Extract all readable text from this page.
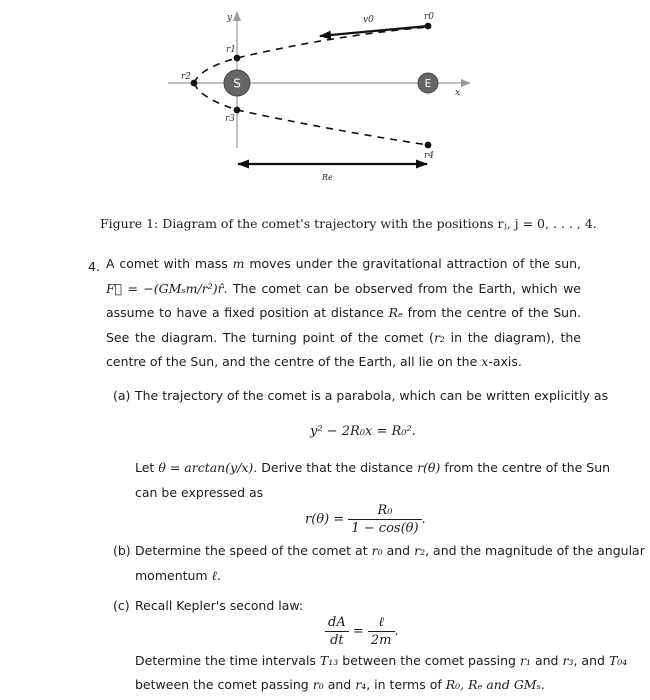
y
x
S	E
v0	r0
r1
r2
r3
r4
Re
Figure 1: Diagram of the comet's trajectory with the positions rⱼ, j = 0, . . . , 4.
4. A comet with mass m moves under the gravitational attraction of the sun, F⃗ = −(GMₛm/r²)r̂. The comet can be observed from the Earth, which we assume to have a fixed position at distance Rₑ from the centre of the Sun. See the diagram. The turning point of the comet (r₂ in the diagram), the centre of the Sun, and the centre of the Earth, all lie on the x-axis.
(a) The trajectory of the comet is a parabola, which can be written explicitly as
y² − 2R₀x = R₀².
Let θ = arctan(y/x). Derive that the distance r(θ) from the centre of the Sun
can be expressed as
$r(\theta) = \frac{\text{R₀}}{1 - \cos(\theta)}$ .
(b) Determine the speed of the comet at r₀ and r₂, and the magnitude of the angular
momentum ℓ.
(c) Recall Kepler's second law:
$\frac{dA}{dt} = \frac{\text{ℓ}}{2m}$ .
Determine the time intervals T₁₃ between the comet passing r₁ and r₃, and T₀₄
between the comet passing r₀ and r₄, in terms of R₀, Rₑ and GMₛ.
